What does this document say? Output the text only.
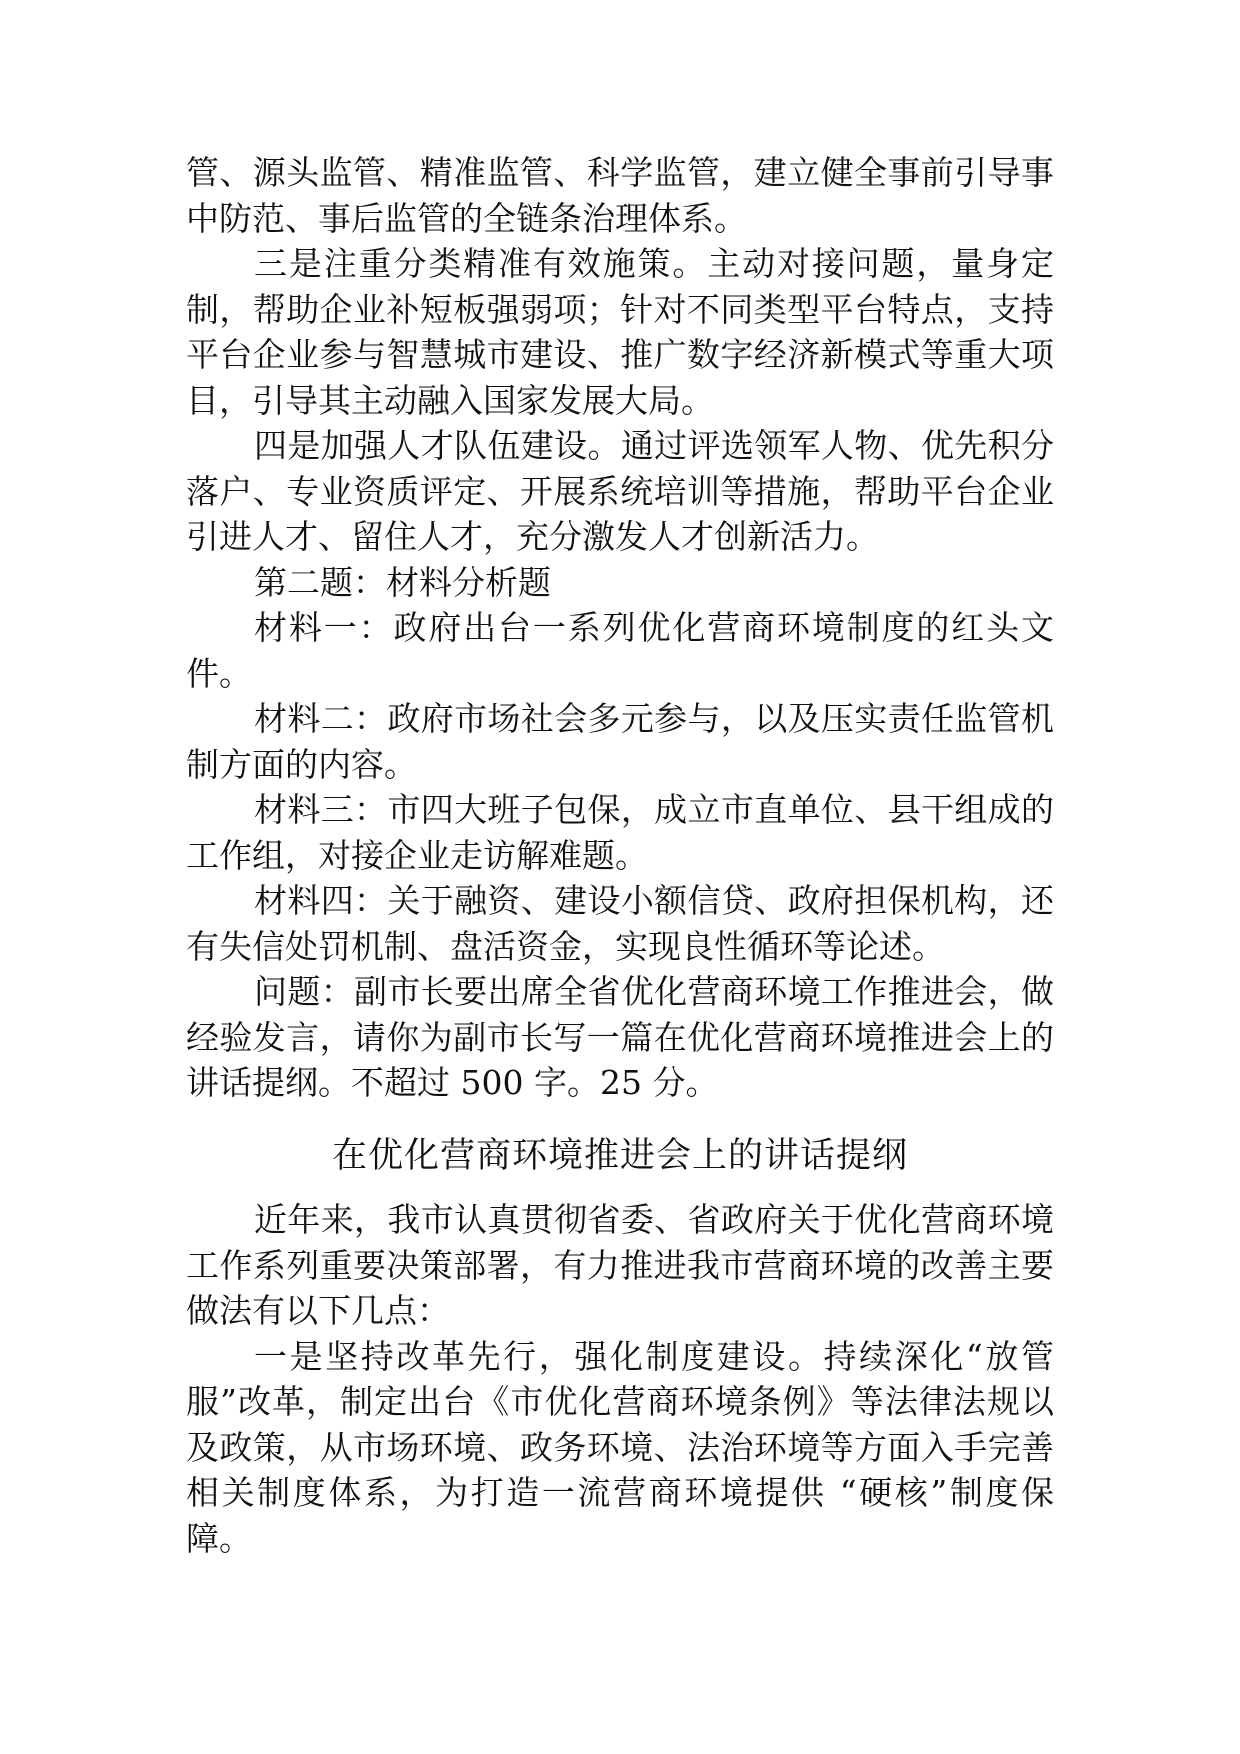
管、源头监管、精准监管、科学监管，建立健全事前引导事中防范、事后监管的全链条治理体系。

三是注重分类精准有效施策。主动对接问题，量身定制，帮助企业补短板强弱项；针对不同类型平台特点，支持平台企业参与智慧城市建设、推广数字经济新模式等重大项目，引导其主动融入国家发展大局。

四是加强人才队伍建设。通过评选领军人物、优先积分落户、专业资质评定、开展系统培训等措施，帮助平台企业引进人才、留住人才，充分激发人才创新活力。

第二题：材料分析题

材料一：政府出台一系列优化营商环境制度的红头文件。

材料二：政府市场社会多元参与，以及压实责任监管机制方面的内容。

材料三：市四大班子包保，成立市直单位、县干组成的工作组，对接企业走访解难题。

材料四：关于融资、建设小额信贷、政府担保机构，还有失信处罚机制、盘活资金，实现良性循环等论述。

问题：副市长要出席全省优化营商环境工作推进会，做经验发言，请你为副市长写一篇在优化营商环境推进会上的讲话提纲。不超过 500 字。25 分。

在优化营商环境推进会上的讲话提纲

近年来，我市认真贯彻省委、省政府关于优化营商环境工作系列重要决策部署，有力推进我市营商环境的改善主要做法有以下几点：

一是坚持改革先行，强化制度建设。持续深化“放管服”改革，制定出台《市优化营商环境条例》等法律法规以及政策，从市场环境、政务环境、法治环境等方面入手完善相关制度体系，为打造一流营商环境提供 “硬核”制度保障。
